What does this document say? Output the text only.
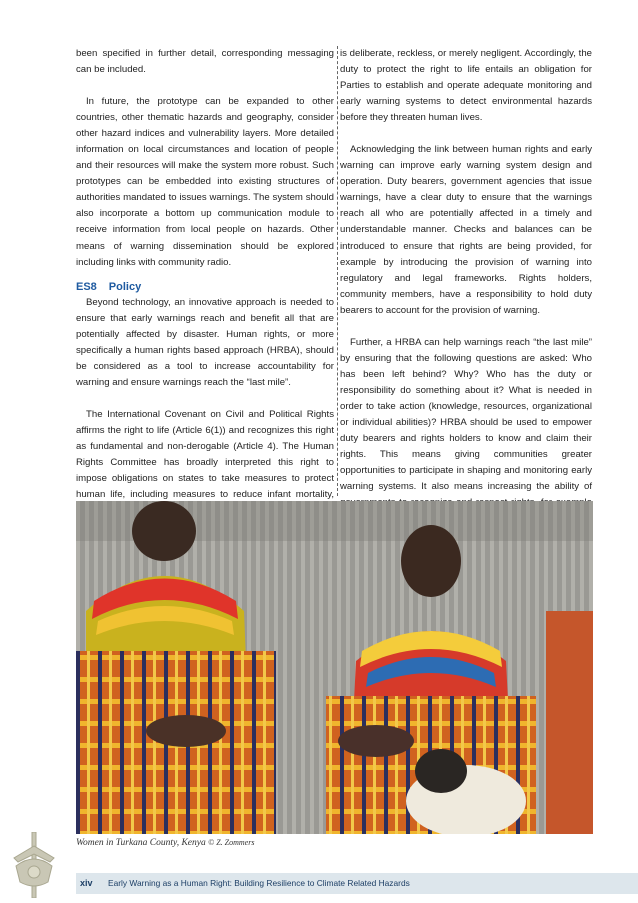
been specified in further detail, corresponding messaging can be included.

In future, the prototype can be expanded to other countries, other thematic hazards and geography, consider other hazard indices and vulnerability layers. More detailed information on local circumstances and location of people and their resources will make the system more robust. Such prototypes can be embedded into existing structures of authorities mandated to issues warnings. The system should also incorporate a bottom up communication module to receive information from local people on hazards. Other means of warning dissemination should be explored including links with community radio.

ES8 Policy

Beyond technology, an innovative approach is needed to ensure that early warnings reach and benefit all that are potentially affected by disaster. Human rights, or more specifically a human rights based approach (HRBA), should be considered as a tool to increase accountability for warning and ensure warnings reach the “last mile”.

The International Covenant on Civil and Political Rights affirms the right to life (Article 6(1)) and recognizes this right as fundamental and non-derogable (Article 4). The Human Rights Committee has broadly interpreted this right to impose obligations on states to take measures to protect human life, including measures to reduce infant mortality,

is deliberate, reckless, or merely negligent. Accordingly, the duty to protect the right to life entails an obligation for Parties to establish and operate adequate monitoring and early warning systems to detect environmental hazards before they threaten human lives.

Acknowledging the link between human rights and early warning can improve early warning system design and operation. Duty bearers, government agencies that issue warnings, have a clear duty to ensure that the warnings reach all who are potentially affected in a timely and understandable manner. Checks and balances can be introduced to ensure that rights are being provided, for example by introducing the provision of warning into regulatory and legal frameworks. Rights holders, community members, have a responsibility to hold duty bearers to account for the provision of warning.

Further, a HRBA can help warnings reach “the last mile” by ensuring that the following questions are asked: Who has been left behind? Why? Who has the duty or responsibility do something about it? What is needed in order to take action (knowledge, resources, organizational or individual abilities)? HRBA should be used to empower duty bearers and rights holders to know and claim their rights. This means giving communities greater opportunities to participate in shaping and monitoring early warning systems. It also means increasing the ability of

Women in Turkana County, Kenya © Z. Zommers
xiv Early Warning as a Human Right: Building Resilience to Climate Related Hazards
